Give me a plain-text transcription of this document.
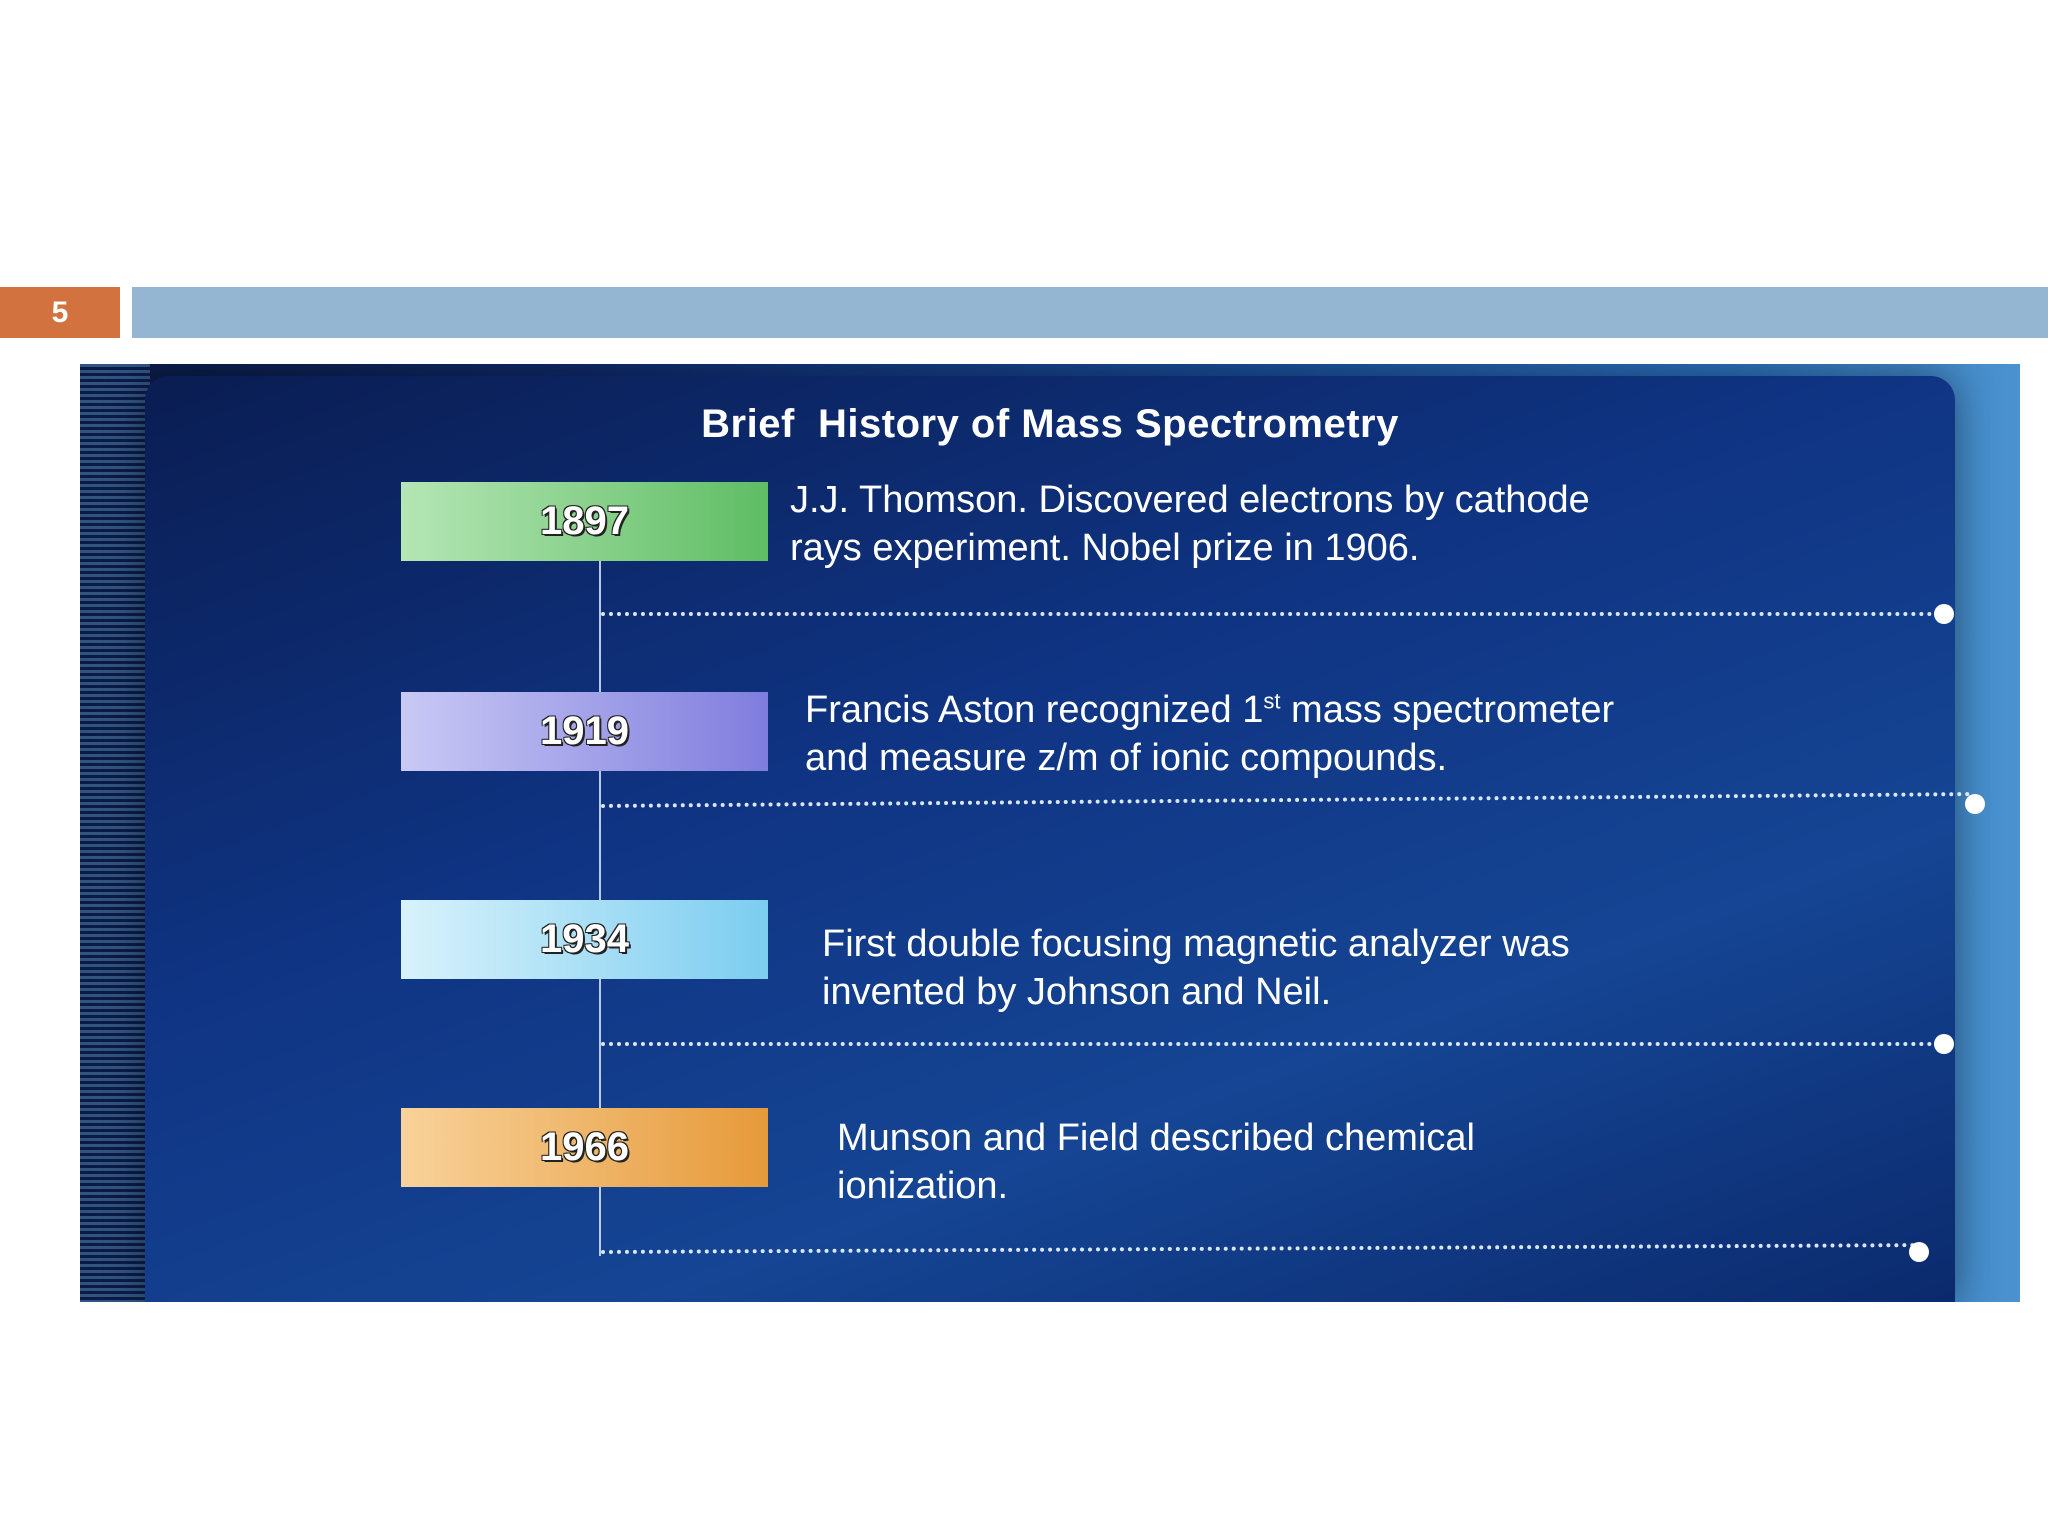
5
Brief  History of Mass Spectrometry
1897	J.J. Thomson. Discovered electrons by cathode
rays experiment. Nobel prize in 1906.
1919	Francis Aston recognized 1st mass spectrometer
and measure z/m of ionic compounds.
1934	First double focusing magnetic analyzer was
invented by Johnson and Neil.
1966	Munson and Field described chemical
ionization.
